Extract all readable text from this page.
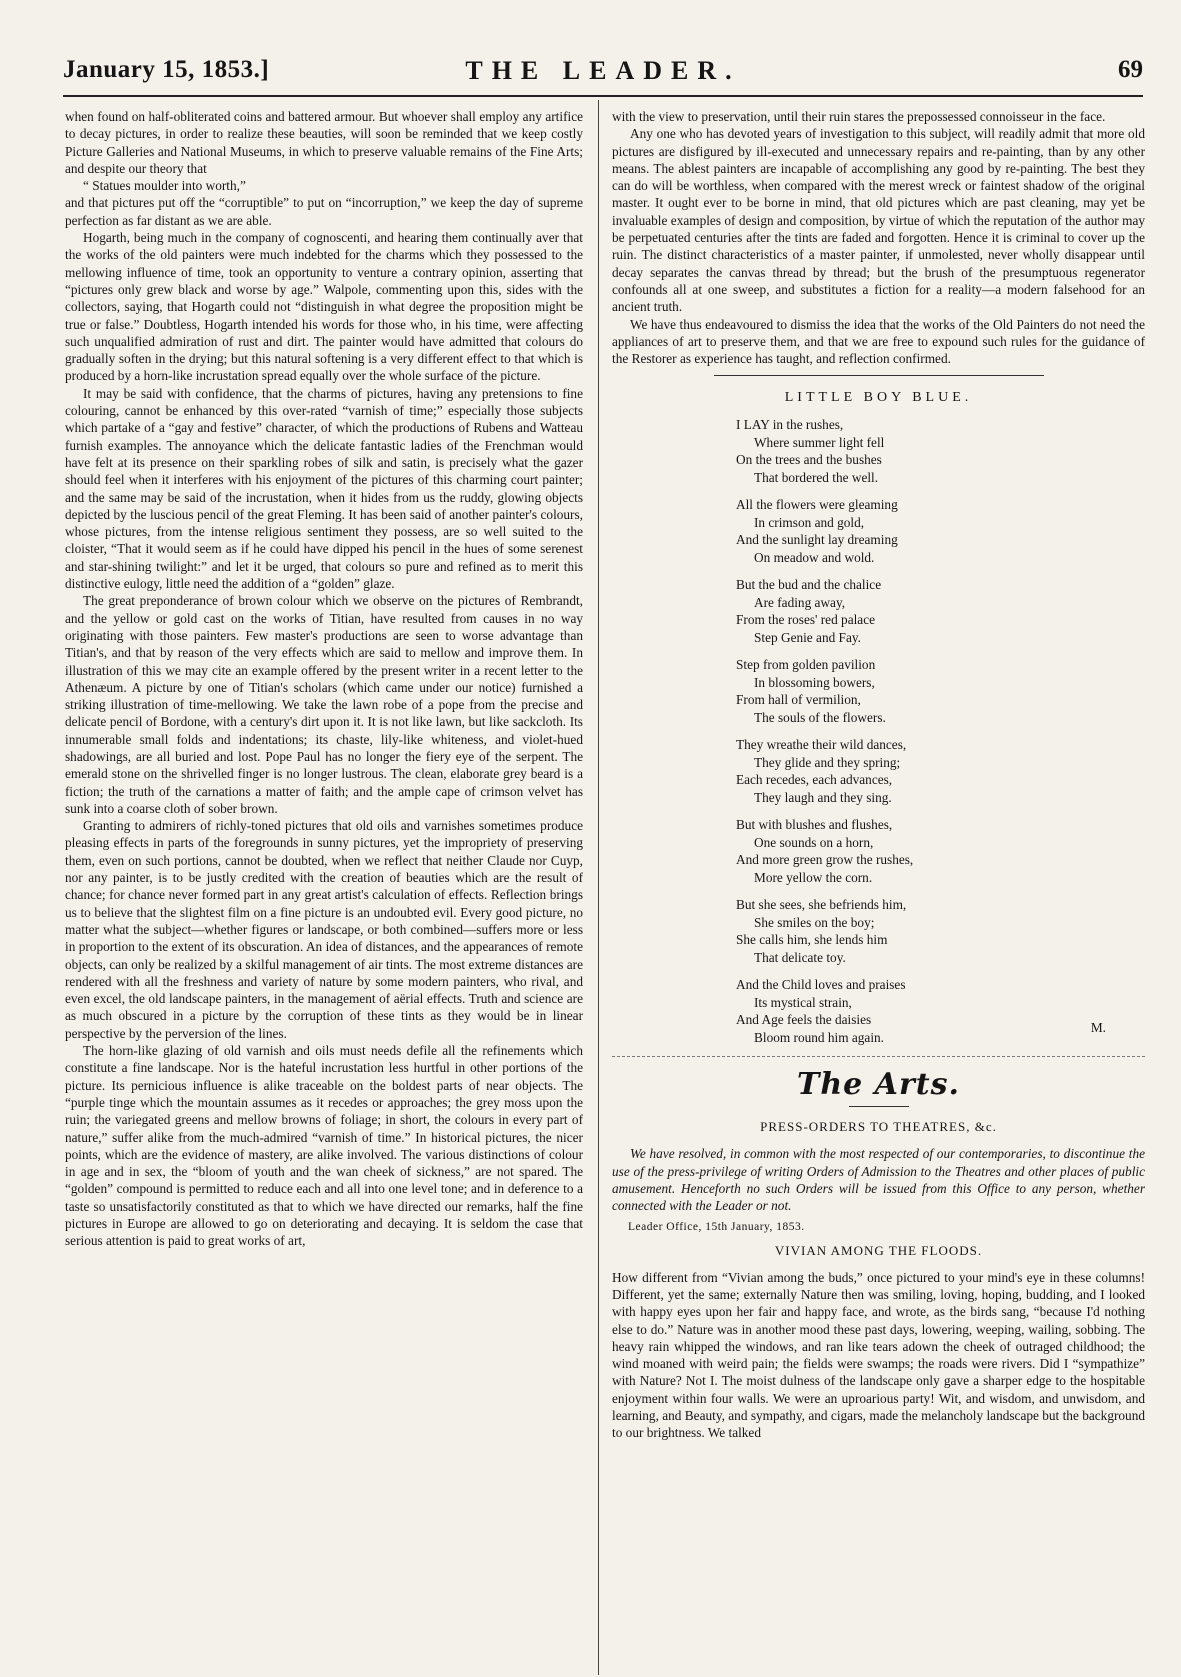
January 15, 1853.]	THE LEADER.	69

when found on half-obliterated coins and battered armour. But whoever shall employ any artifice to decay pictures, in order to realize these beauties, will soon be reminded that we keep costly Picture Galleries and National Museums, in which to preserve valuable remains of the Fine Arts; and despite our theory that

“ Statues moulder into worth,”

and that pictures put off the “corruptible” to put on “incorruption,” we keep the day of supreme perfection as far distant as we are able.

Hogarth, being much in the company of cognoscenti, and hearing them continually aver that the works of the old painters were much indebted for the charms which they possessed to the mellowing influence of time, took an opportunity to venture a contrary opinion, asserting that “pictures only grew black and worse by age.” Walpole, commenting upon this, sides with the collectors, saying, that Hogarth could not “distinguish in what degree the proposition might be true or false.” Doubtless, Hogarth intended his words for those who, in his time, were affecting such unqualified admiration of rust and dirt. The painter would have admitted that colours do gradually soften in the drying; but this natural softening is a very different effect to that which is produced by a horn-like incrustation spread equally over the whole surface of the picture.

It may be said with confidence, that the charms of pictures, having any pretensions to fine colouring, cannot be enhanced by this over-rated “varnish of time;” especially those subjects which partake of a “gay and festive” character, of which the productions of Rubens and Watteau furnish examples. The annoyance which the delicate fantastic ladies of the Frenchman would have felt at its presence on their sparkling robes of silk and satin, is precisely what the gazer should feel when it interferes with his enjoyment of the pictures of this charming court painter; and the same may be said of the incrustation, when it hides from us the ruddy, glowing objects depicted by the luscious pencil of the great Fleming. It has been said of another painter's colours, whose pictures, from the intense religious sentiment they possess, are so well suited to the cloister, “That it would seem as if he could have dipped his pencil in the hues of some serenest and star-shining twilight:” and let it be urged, that colours so pure and refined as to merit this distinctive eulogy, little need the addition of a “golden” glaze.

The great preponderance of brown colour which we observe on the pictures of Rembrandt, and the yellow or gold cast on the works of Titian, have resulted from causes in no way originating with those painters. Few master's productions are seen to worse advantage than Titian's, and that by reason of the very effects which are said to mellow and improve them. In illustration of this we may cite an example offered by the present writer in a recent letter to the Athenæum. A picture by one of Titian's scholars (which came under our notice) furnished a striking illustration of time-mellowing. We take the lawn robe of a pope from the precise and delicate pencil of Bordone, with a century's dirt upon it. It is not like lawn, but like sackcloth. Its innumerable small folds and indentations; its chaste, lily-like whiteness, and violet-hued shadowings, are all buried and lost. Pope Paul has no longer the fiery eye of the serpent. The emerald stone on the shrivelled finger is no longer lustrous. The clean, elaborate grey beard is a fiction; the truth of the carnations a matter of faith; and the ample cape of crimson velvet has sunk into a coarse cloth of sober brown.

Granting to admirers of richly-toned pictures that old oils and varnishes sometimes produce pleasing effects in parts of the foregrounds in sunny pictures, yet the impropriety of preserving them, even on such portions, cannot be doubted, when we reflect that neither Claude nor Cuyp, nor any painter, is to be justly credited with the creation of beauties which are the result of chance; for chance never formed part in any great artist's calculation of effects. Reflection brings us to believe that the slightest film on a fine picture is an undoubted evil. Every good picture, no matter what the subject—whether figures or landscape, or both combined—suffers more or less in proportion to the extent of its obscuration. An idea of distances, and the appearances of remote objects, can only be realized by a skilful management of air tints. The most extreme distances are rendered with all the freshness and variety of nature by some modern painters, who rival, and even excel, the old landscape painters, in the management of aërial effects. Truth and science are as much obscured in a picture by the corruption of these tints as they would be in linear perspective by the perversion of the lines.

The horn-like glazing of old varnish and oils must needs defile all the refinements which constitute a fine landscape. Nor is the hateful incrustation less hurtful in other portions of the picture. Its pernicious influence is alike traceable on the boldest parts of near objects. The “purple tinge which the mountain assumes as it recedes or approaches; the grey moss upon the ruin; the variegated greens and mellow browns of foliage; in short, the colours in every part of nature,” suffer alike from the much-admired “varnish of time.” In historical pictures, the nicer points, which are the evidence of mastery, are alike involved. The various distinctions of colour in age and in sex, the “bloom of youth and the wan cheek of sickness,” are not spared. The “golden” compound is permitted to reduce each and all into one level tone; and in deference to a taste so unsatisfactorily constituted as that to which we have directed our remarks, half the fine pictures in Europe are allowed to go on deteriorating and decaying. It is seldom the case that serious attention is paid to great works of art,

with the view to preservation, until their ruin stares the prepossessed connoisseur in the face.

Any one who has devoted years of investigation to this subject, will readily admit that more old pictures are disfigured by ill-executed and unnecessary repairs and re-painting, than by any other means. The ablest painters are incapable of accomplishing any good by re-painting. The best they can do will be worthless, when compared with the merest wreck or faintest shadow of the original master. It ought ever to be borne in mind, that old pictures which are past cleaning, may yet be invaluable examples of design and composition, by virtue of which the reputation of the author may be perpetuated centuries after the tints are faded and forgotten. Hence it is criminal to cover up the ruin. The distinct characteristics of a master painter, if unmolested, never wholly disappear until decay separates the canvas thread by thread; but the brush of the presumptuous regenerator confounds all at one sweep, and substitutes a fiction for a reality—a modern falsehood for an ancient truth.

We have thus endeavoured to dismiss the idea that the works of the Old Painters do not need the appliances of art to preserve them, and that we are free to expound such rules for the guidance of the Restorer as experience has taught, and reflection confirmed.

LITTLE BOY BLUE.
I LAY in the rushes,
Where summer light fell
On the trees and the bushes
That bordered the well.
All the flowers were gleaming
In crimson and gold,
And the sunlight lay dreaming
On meadow and wold.
But the bud and the chalice
Are fading away,
From the roses' red palace
Step Genie and Fay.
Step from golden pavilion
In blossoming bowers,
From hall of vermilion,
The souls of the flowers.
They wreathe their wild dances,
They glide and they spring;
Each recedes, each advances,
They laugh and they sing.
But with blushes and flushes,
One sounds on a horn,
And more green grow the rushes,
More yellow the corn.
But she sees, she befriends him,
She smiles on the boy;
She calls him, she lends him
That delicate toy.
And the Child loves and praises
Its mystical strain,
And Age feels the daisies
Bloom round him again.
M.
The Arts.
PRESS-ORDERS TO THEATRES, &c.

We have resolved, in common with the most respected of our contemporaries, to discontinue the use of the press-privilege of writing Orders of Admission to the Theatres and other places of public amusement. Henceforth no such Orders will be issued from this Office to any person, whether connected with the Leader or not.

Leader Office, 15th January, 1853.
VIVIAN AMONG THE FLOODS.

How different from “Vivian among the buds,” once pictured to your mind's eye in these columns! Different, yet the same; externally Nature then was smiling, loving, hoping, budding, and I looked with happy eyes upon her fair and happy face, and wrote, as the birds sang, “because I'd nothing else to do.” Nature was in another mood these past days, lowering, weeping, wailing, sobbing. The heavy rain whipped the windows, and ran like tears adown the cheek of outraged childhood; the wind moaned with weird pain; the fields were swamps; the roads were rivers. Did I “sympathize” with Nature? Not I. The moist dulness of the landscape only gave a sharper edge to the hospitable enjoyment within four walls. We were an uproarious party! Wit, and wisdom, and unwisdom, and learning, and Beauty, and sympathy, and cigars, made the melancholy landscape but the background to our brightness. We talked
